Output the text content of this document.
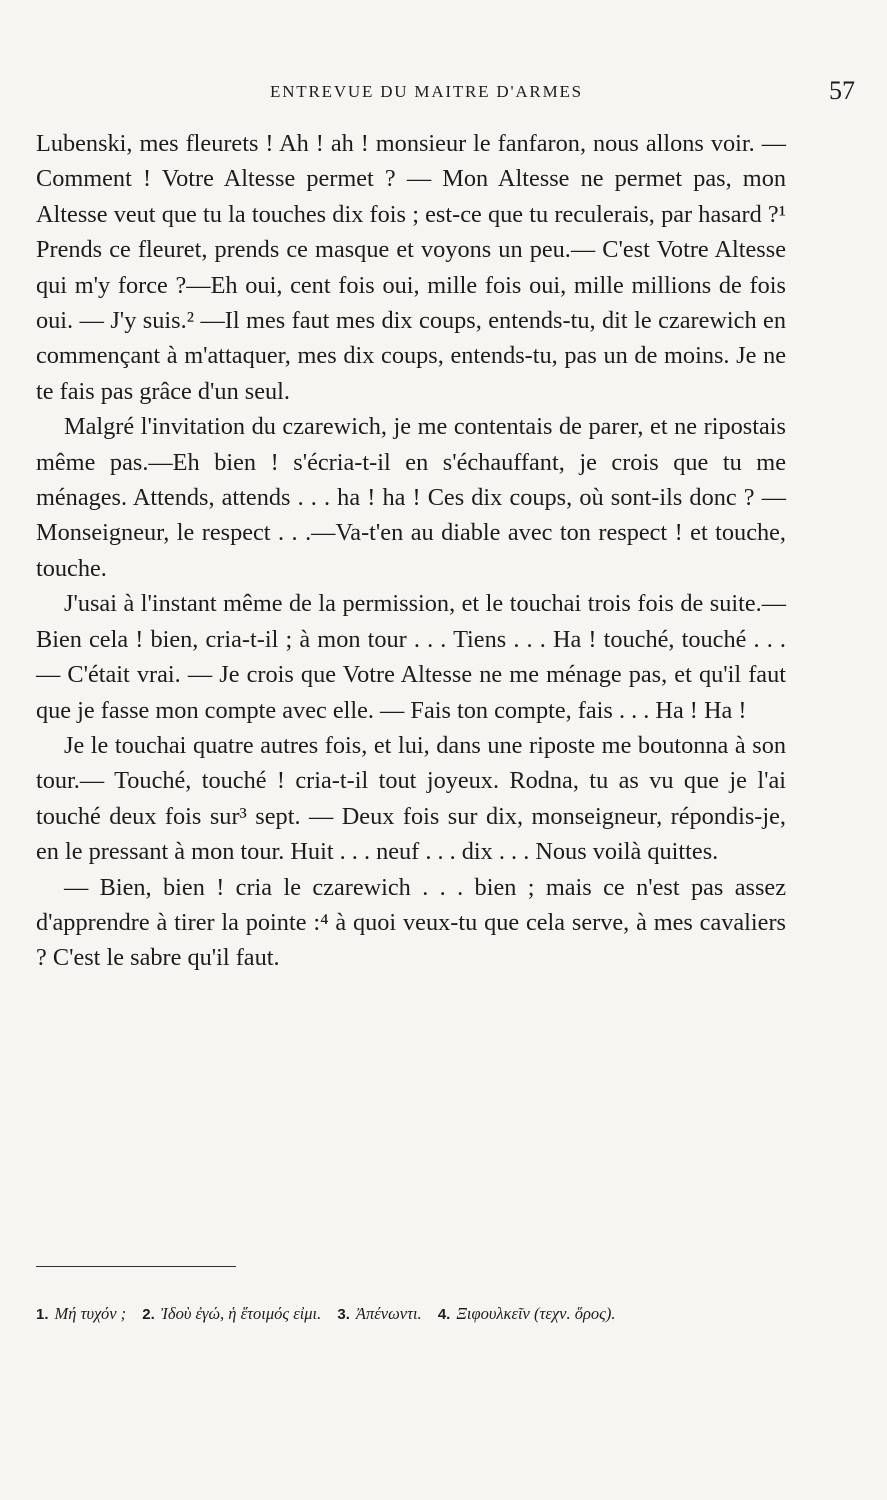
ENTREVUE DU MAITRE D'ARMES	57

Lubenski, mes fleurets ! Ah ! ah ! monsieur le fanfaron, nous allons voir. — Comment ! Votre Altesse permet ? — Mon Altesse ne permet pas, mon Altesse veut que tu la touches dix fois ; est-ce que tu reculerais, par hasard ?¹ Prends ce fleuret, prends ce masque et voyons un peu.— C'est Votre Altesse qui m'y force ?—Eh oui, cent fois oui, mille fois oui, mille millions de fois oui. — J'y suis.² —Il mes faut mes dix coups, entends-tu, dit le czarewich en commençant à m'attaquer, mes dix coups, entends-tu, pas un de moins. Je ne te fais pas grâce d'un seul.

Malgré l'invitation du czarewich, je me contentais de parer, et ne ripostais même pas.—Eh bien ! s'écria-t-il en s'échauffant, je crois que tu me ménages. Attends, attends . . . ha ! ha ! Ces dix coups, où sont-ils donc ? — Monseigneur, le respect . . .—Va-t'en au diable avec ton respect ! et touche, touche.

J'usai à l'instant même de la permission, et le touchai trois fois de suite.—Bien cela ! bien, cria-t-il ; à mon tour . . . Tiens . . . Ha ! touché, touché . . . — C'était vrai. — Je crois que Votre Altesse ne me ménage pas, et qu'il faut que je fasse mon compte avec elle. — Fais ton compte, fais . . . Ha ! Ha !

Je le touchai quatre autres fois, et lui, dans une riposte me boutonna à son tour.— Touché, touché ! cria-t-il tout joyeux. Rodna, tu as vu que je l'ai touché deux fois sur³ sept. — Deux fois sur dix, monseigneur, répondis-je, en le pressant à mon tour. Huit . . . neuf . . . dix . . . Nous voilà quittes.

— Bien, bien ! cria le czarewich . . . bien ; mais ce n'est pas assez d'apprendre à tirer la pointe :⁴ à quoi veux-tu que cela serve, à mes cavaliers ? C'est le sabre qu'il faut.

1. Μή τυχόν ; 2. Ἰδοὺ ἐγώ, ἡ ἕτοιμός εἰμι. 3. Ἀπένωντι. 4. Ξιφουλκεῖν (τεχν. ὅρος).
